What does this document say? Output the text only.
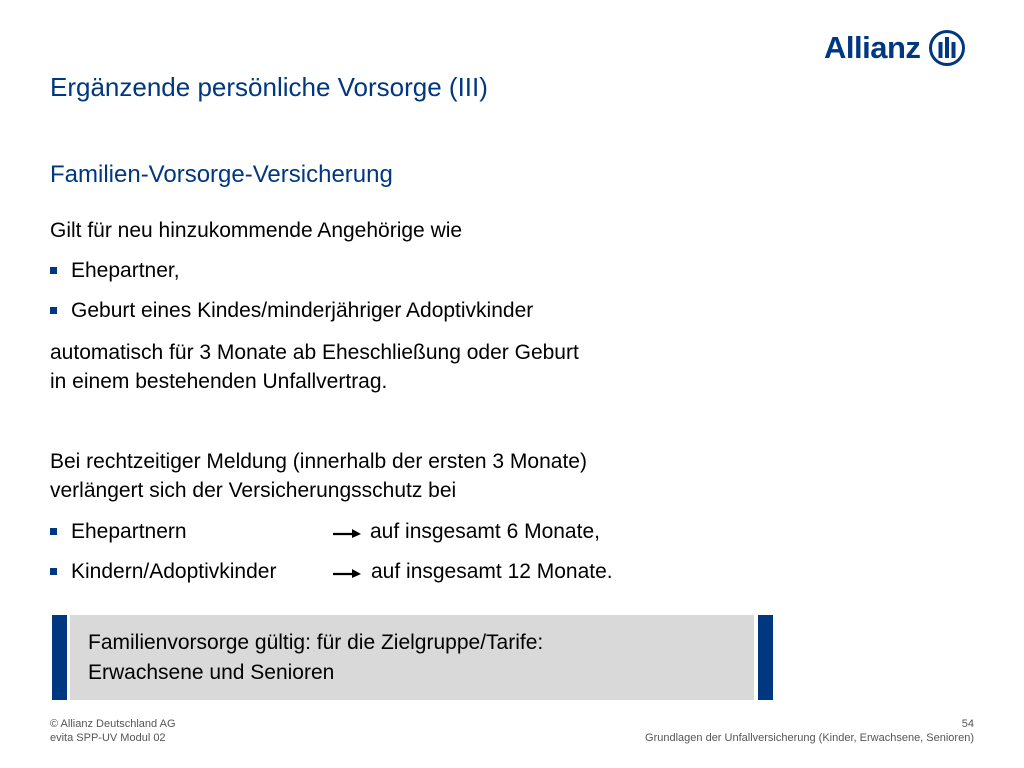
Allianz
Ergänzende persönliche Vorsorge (III)
Familien-Vorsorge-Versicherung
Gilt für neu hinzukommende Angehörige wie
Ehepartner,
Geburt eines Kindes/minderjähriger Adoptivkinder
automatisch für 3 Monate ab Eheschließung oder Geburt
in einem bestehenden Unfallvertrag.
Bei rechtzeitiger Meldung (innerhalb der ersten 3 Monate)
verlängert sich der Versicherungsschutz bei
Ehepartnern	auf insgesamt 6 Monate,
Kindern/Adoptivkinder	auf insgesamt 12 Monate.
Familienvorsorge gültig: für die Zielgruppe/Tarife:
Erwachsene und Senioren
© Allianz Deutschland AG
evita SPP-UV Modul 02
54
Grundlagen der Unfallversicherung (Kinder, Erwachsene, Senioren)
